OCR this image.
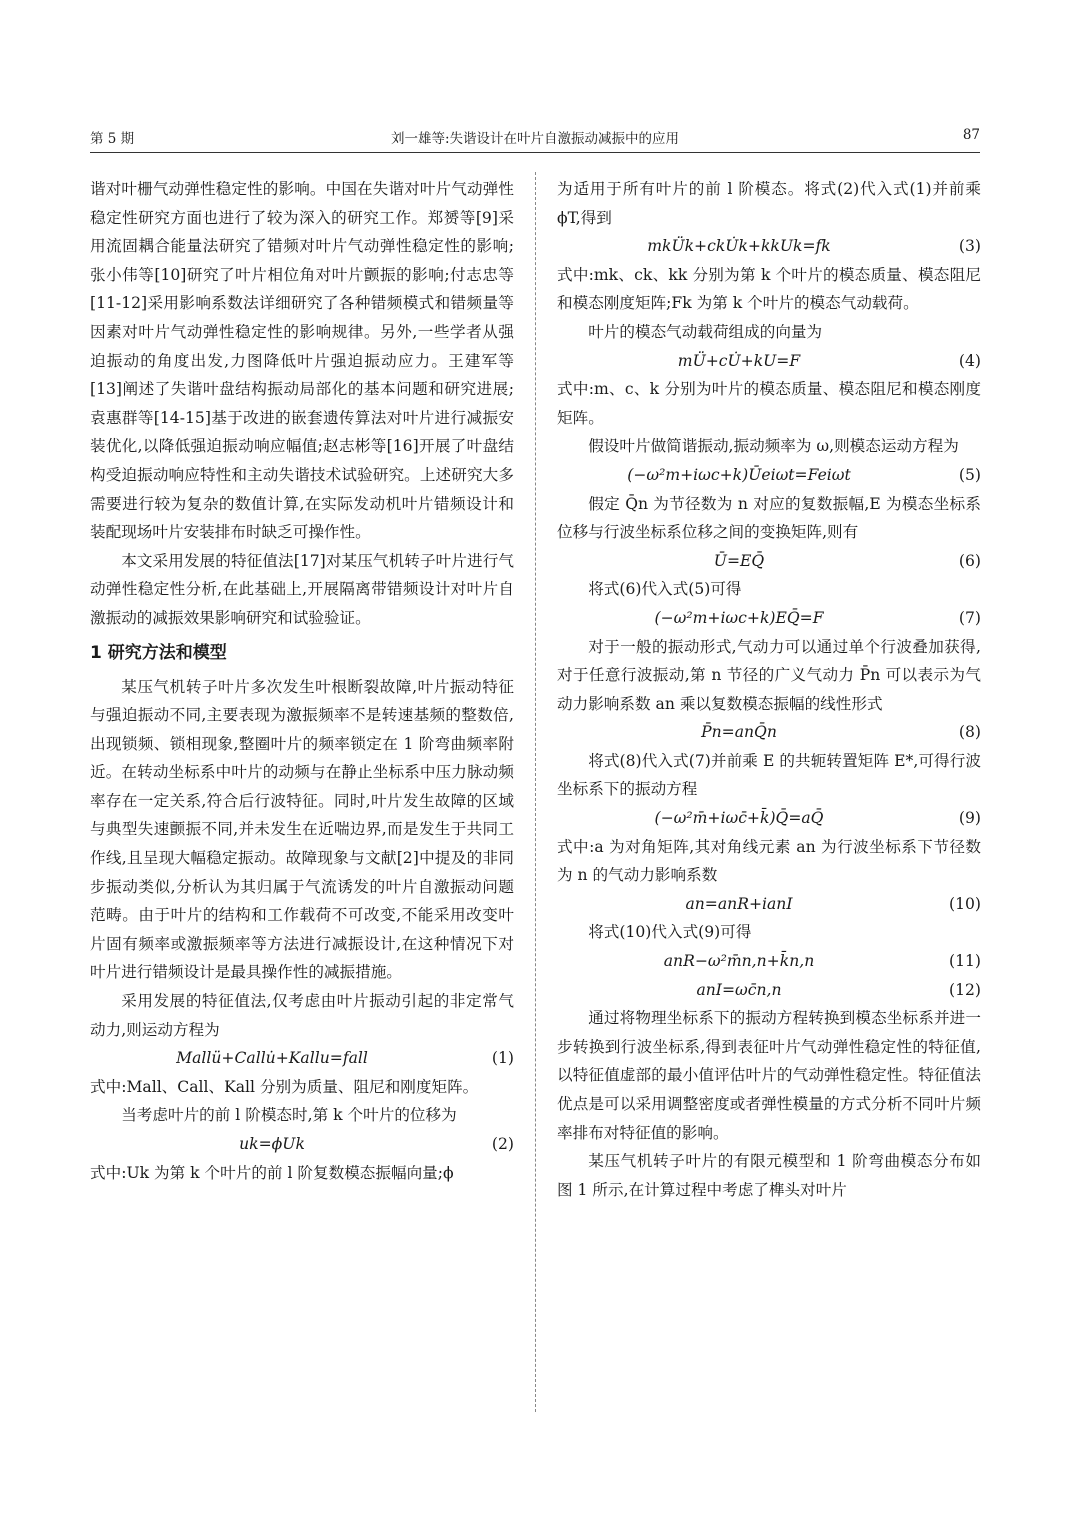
第 5 期	刘一雄等:失谐设计在叶片自激振动减振中的应用	87

谐对叶栅气动弹性稳定性的影响。中国在失谐对叶片气动弹性稳定性研究方面也进行了较为深入的研究工作。郑赟等[9]采用流固耦合能量法研究了错频对叶片气动弹性稳定性的影响;张小伟等[10]研究了叶片相位角对叶片颤振的影响;付志忠等[11-12]采用影响系数法详细研究了各种错频模式和错频量等因素对叶片气动弹性稳定性的影响规律。另外,一些学者从强迫振动的角度出发,力图降低叶片强迫振动应力。王建军等[13]阐述了失谐叶盘结构振动局部化的基本问题和研究进展;袁惠群等[14-15]基于改进的嵌套遗传算法对叶片进行减振安装优化,以降低强迫振动响应幅值;赵志彬等[16]开展了叶盘结构受迫振动响应特性和主动失谐技术试验研究。上述研究大多需要进行较为复杂的数值计算,在实际发动机叶片错频设计和装配现场叶片安装排布时缺乏可操作性。

本文采用发展的特征值法[17]对某压气机转子叶片进行气动弹性稳定性分析,在此基础上,开展隔离带错频设计对叶片自激振动的减振效果影响研究和试验验证。

1 研究方法和模型

某压气机转子叶片多次发生叶根断裂故障,叶片振动特征与强迫振动不同,主要表现为激振频率不是转速基频的整数倍,出现锁频、锁相现象,整圈叶片的频率锁定在 1 阶弯曲频率附近。在转动坐标系中叶片的动频与在静止坐标系中压力脉动频率存在一定关系,符合后行波特征。同时,叶片发生故障的区域与典型失速颤振不同,并未发生在近喘边界,而是发生于共同工作线,且呈现大幅稳定振动。故障现象与文献[2]中提及的非同步振动类似,分析认为其归属于气流诱发的叶片自激振动问题范畴。由于叶片的结构和工作载荷不可改变,不能采用改变叶片固有频率或激振频率等方法进行减振设计,在这种情况下对叶片进行错频设计是最具操作性的减振措施。

采用发展的特征值法,仅考虑由叶片振动引起的非定常气动力,则运动方程为

Mallü+Callu̇+Kallu=fall	(1)

式中:Mall、Call、Kall 分别为质量、阻尼和刚度矩阵。

当考虑叶片的前 l 阶模态时,第 k 个叶片的位移为

uk=ϕUk	(2)

式中:Uk 为第 k 个叶片的前 l 阶复数模态振幅向量;ϕ

为适用于所有叶片的前 l 阶模态。将式(2)代入式(1)并前乘 ϕT,得到

mkÜk+ckU̇k+kkUk=fk	(3)

式中:mk、ck、kk 分别为第 k 个叶片的模态质量、模态阻尼和模态刚度矩阵;Fk 为第 k 个叶片的模态气动载荷。

叶片的模态气动载荷组成的向量为

mÜ+cU̇+kU=F	(4)

式中:m、c、k 分别为叶片的模态质量、模态阻尼和模态刚度矩阵。

假设叶片做简谐振动,振动频率为 ω,则模态运动方程为

(−ω²m+iωc+k)Ūeiωt=Feiωt	(5)

假定 Q̄n 为节径数为 n 对应的复数振幅,E 为模态坐标系位移与行波坐标系位移之间的变换矩阵,则有

Ū=EQ̄	(6)

将式(6)代入式(5)可得

(−ω²m+iωc+k)EQ̄=F	(7)

对于一般的振动形式,气动力可以通过单个行波叠加获得,对于任意行波振动,第 n 节径的广义气动力 P̄n 可以表示为气动力影响系数 an 乘以复数模态振幅的线性形式

P̄n=anQ̄n	(8)

将式(8)代入式(7)并前乘 E 的共轭转置矩阵 E*,可得行波坐标系下的振动方程

(−ω²m̄+iωc̄+k̄)Q̄=aQ̄	(9)

式中:a 为对角矩阵,其对角线元素 an 为行波坐标系下节径数为 n 的气动力影响系数

an=anR+ianI	(10)

将式(10)代入式(9)可得

anR−ω²m̄n,n+k̄n,n	(11)
anI=ωc̄n,n	(12)

通过将物理坐标系下的振动方程转换到模态坐标系并进一步转换到行波坐标系,得到表征叶片气动弹性稳定性的特征值,以特征值虚部的最小值评估叶片的气动弹性稳定性。特征值法优点是可以采用调整密度或者弹性模量的方式分析不同叶片频率排布对特征值的影响。

某压气机转子叶片的有限元模型和 1 阶弯曲模态分布如图 1 所示,在计算过程中考虑了榫头对叶片
